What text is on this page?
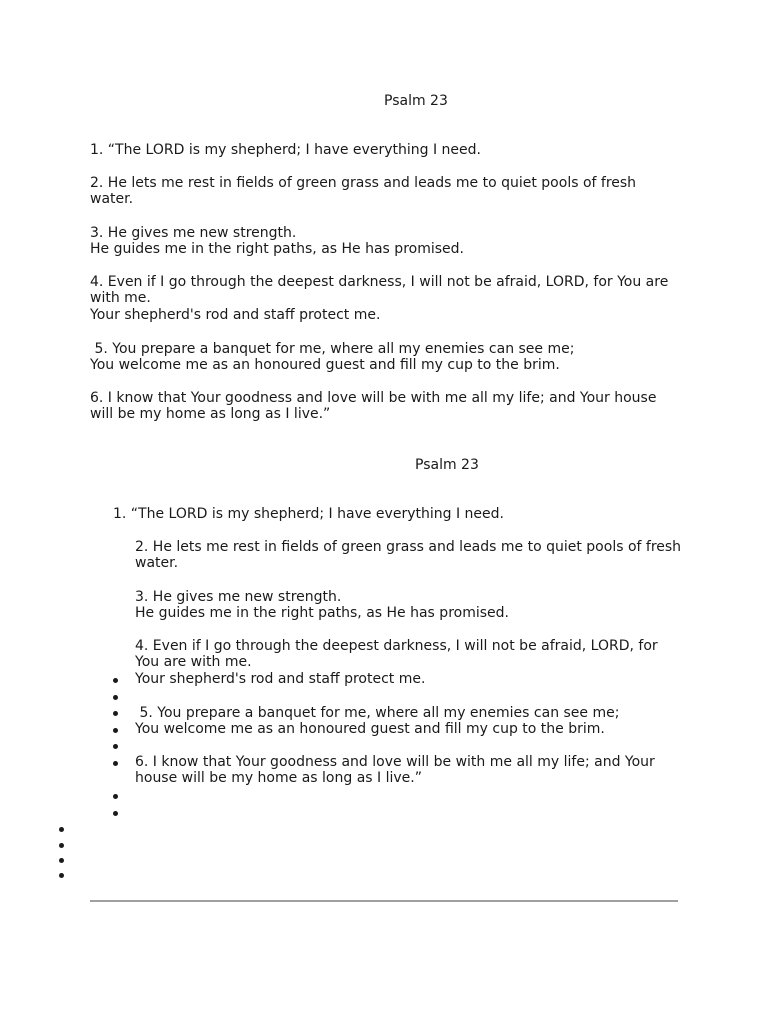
Psalm 23
1. “The LORD is my shepherd; I have everything I need.
2. He lets me rest in fields of green grass and leads me to quiet pools of fresh
water.
3. He gives me new strength.
He guides me in the right paths, as He has promised.
4. Even if I go through the deepest darkness, I will not be afraid, LORD, for You are
with me.
Your shepherd's rod and staff protect me.
5. You prepare a banquet for me, where all my enemies can see me;
You welcome me as an honoured guest and fill my cup to the brim.
6. I know that Your goodness and love will be with me all my life; and Your house
will be my home as long as I live.”
Psalm 23
1. “The LORD is my shepherd; I have everything I need.
2. He lets me rest in fields of green grass and leads me to quiet pools of fresh
water.
3. He gives me new strength.
He guides me in the right paths, as He has promised.
4. Even if I go through the deepest darkness, I will not be afraid, LORD, for
You are with me.
Your shepherd's rod and staff protect me.
5. You prepare a banquet for me, where all my enemies can see me;
You welcome me as an honoured guest and fill my cup to the brim.
6. I know that Your goodness and love will be with me all my life; and Your
house will be my home as long as I live.”
